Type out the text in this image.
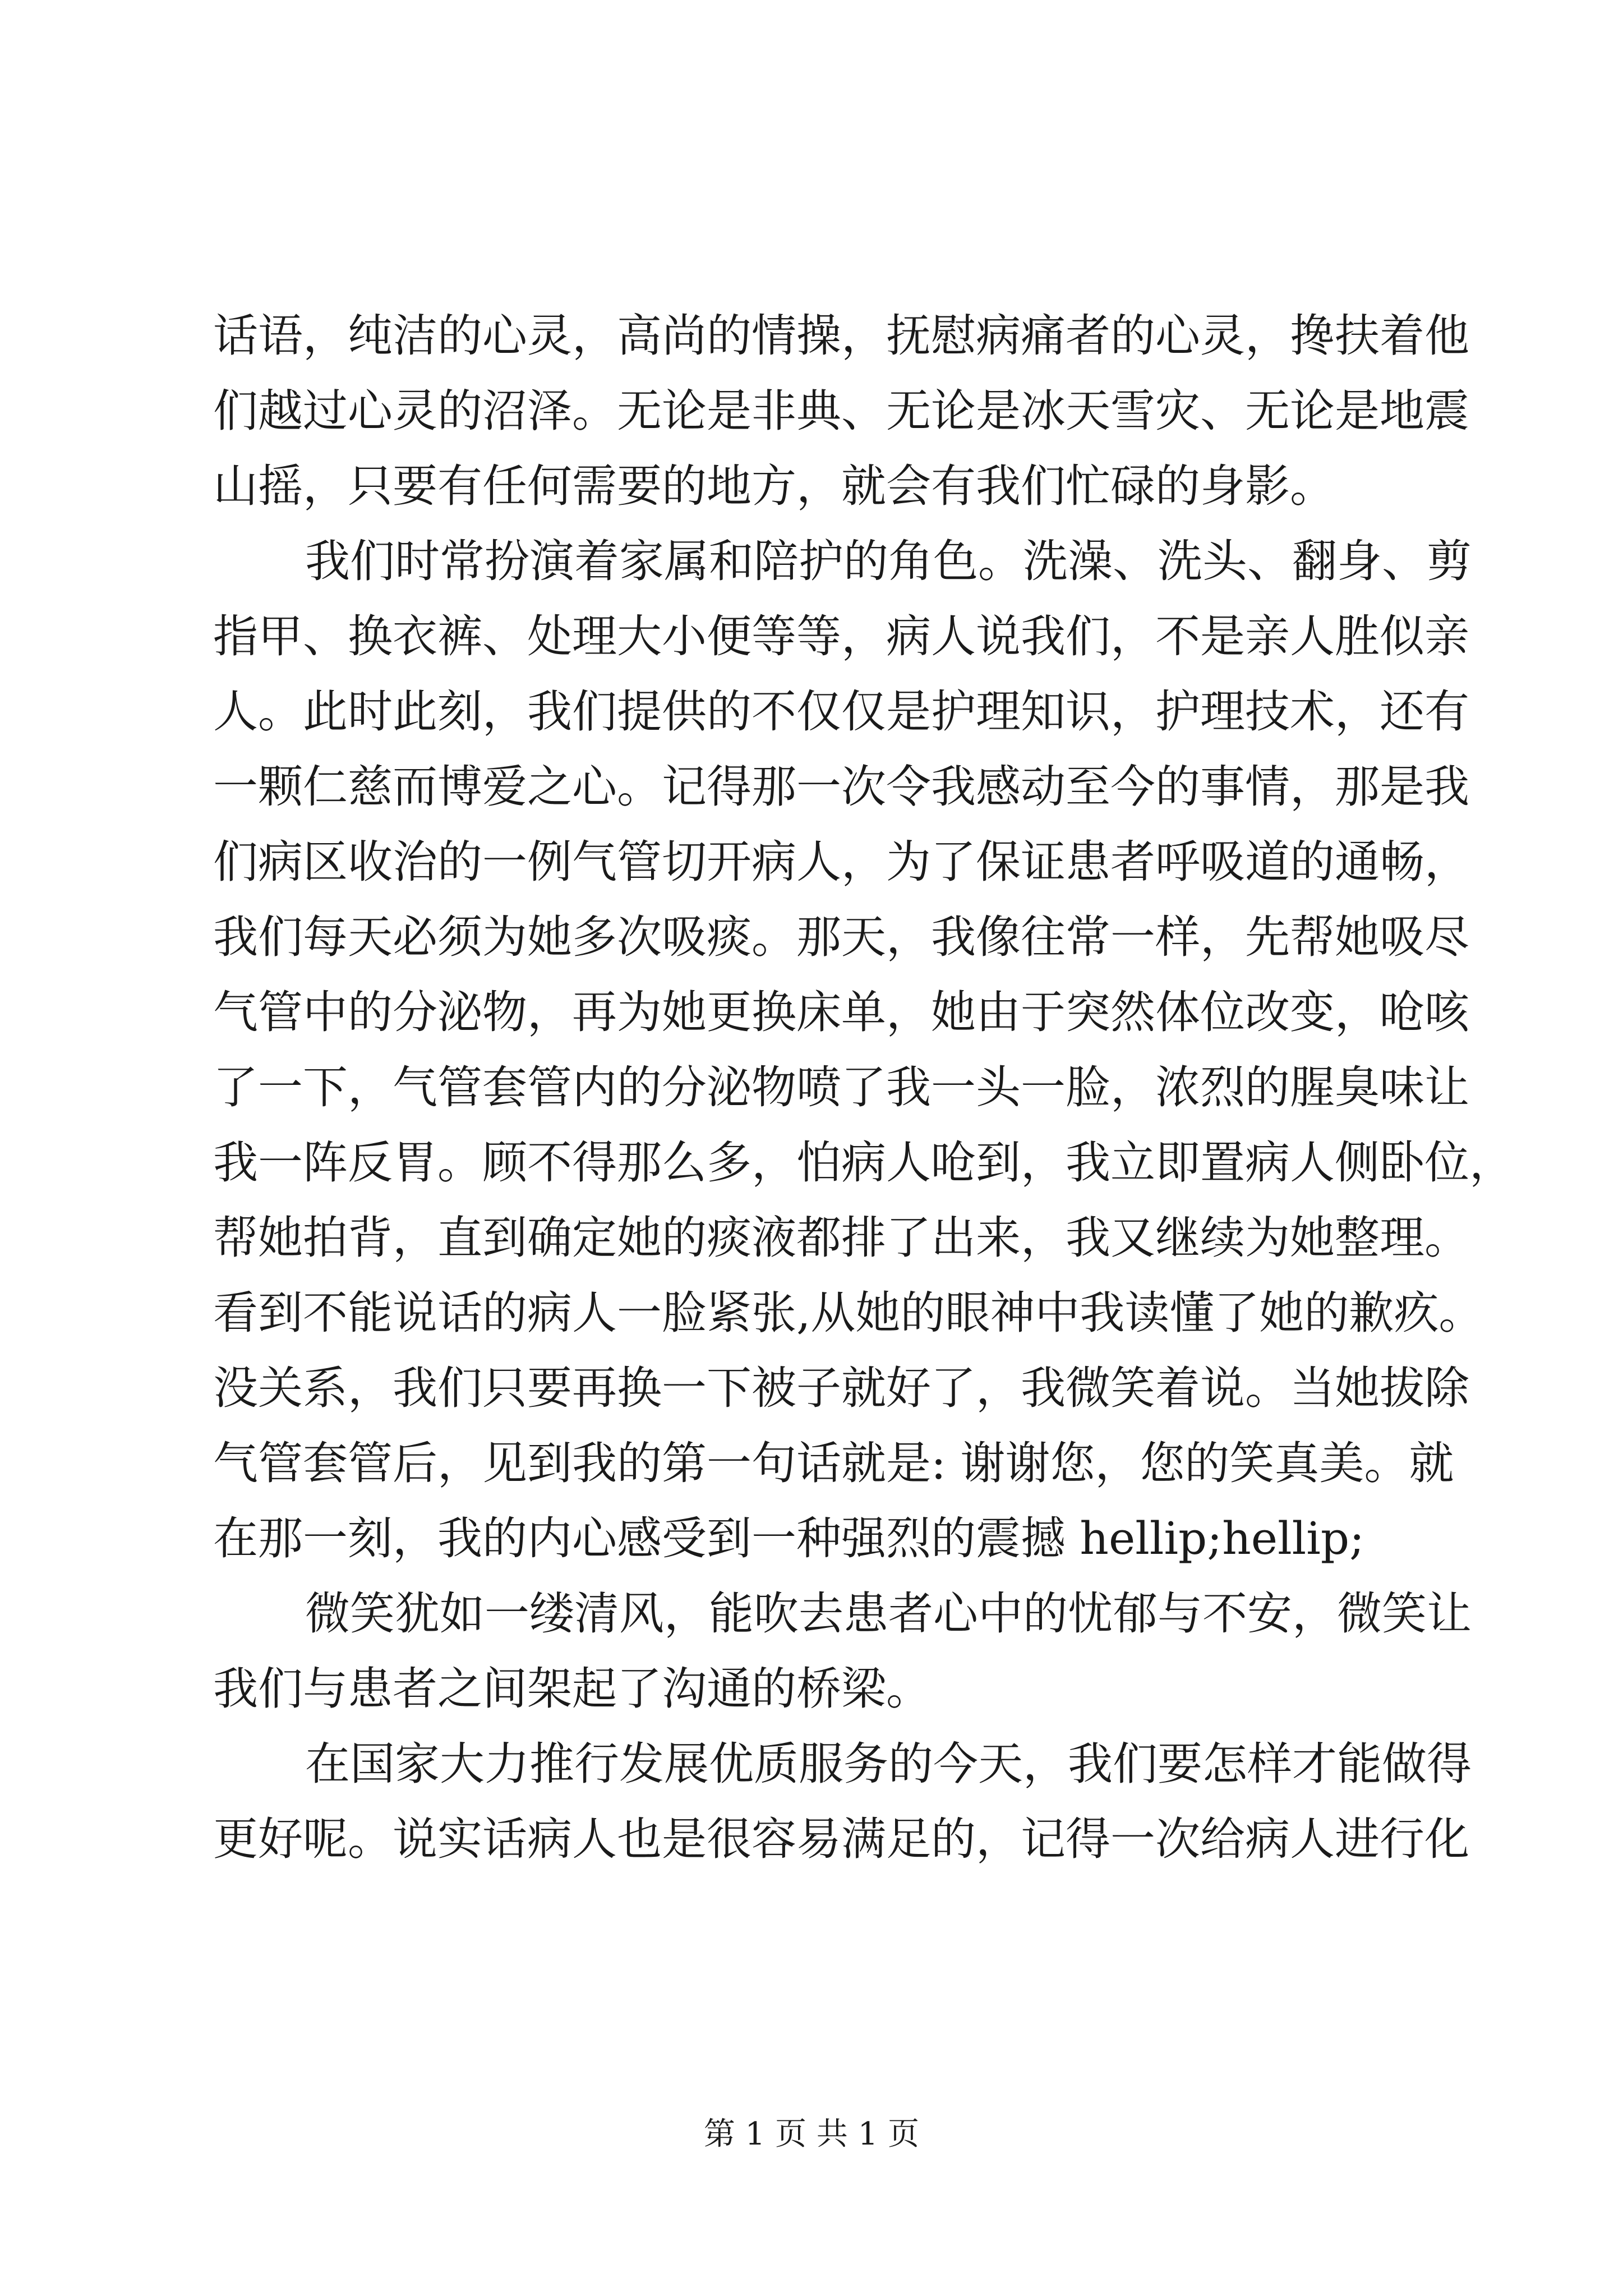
话语，纯洁的心灵，高尚的情操，抚慰病痛者的心灵，搀扶着他
们越过心灵的沼泽。无论是非典、无论是冰天雪灾、无论是地震
山摇，只要有任何需要的地方，就会有我们忙碌的身影。
我们时常扮演着家属和陪护的角色。洗澡、洗头、翻身、剪
指甲、换衣裤、处理大小便等等，病人说我们，不是亲人胜似亲
人。此时此刻，我们提供的不仅仅是护理知识，护理技术，还有
一颗仁慈而博爱之心。记得那一次令我感动至今的事情，那是我
们病区收治的一例气管切开病人，为了保证患者呼吸道的通畅，
我们每天必须为她多次吸痰。那天，我像往常一样，先帮她吸尽
气管中的分泌物，再为她更换床单，她由于突然体位改变，呛咳
了一下，气管套管内的分泌物喷了我一头一脸，浓烈的腥臭味让
我一阵反胃。顾不得那么多，怕病人呛到，我立即置病人侧卧位，
帮她拍背，直到确定她的痰液都排了出来，我又继续为她整理。
看到不能说话的病人一脸紧张,从她的眼神中我读懂了她的歉疚。
没关系，我们只要再换一下被子就好了，我微笑着说。当她拔除
气管套管后，见到我的第一句话就是: 谢谢您，您的笑真美。就
在那一刻，我的内心感受到一种强烈的震撼 hellip;hellip;
微笑犹如一缕清风，能吹去患者心中的忧郁与不安，微笑让
我们与患者之间架起了沟通的桥梁。
在国家大力推行发展优质服务的今天，我们要怎样才能做得
更好呢。说实话病人也是很容易满足的，记得一次给病人进行化
第 1 页 共 1 页
